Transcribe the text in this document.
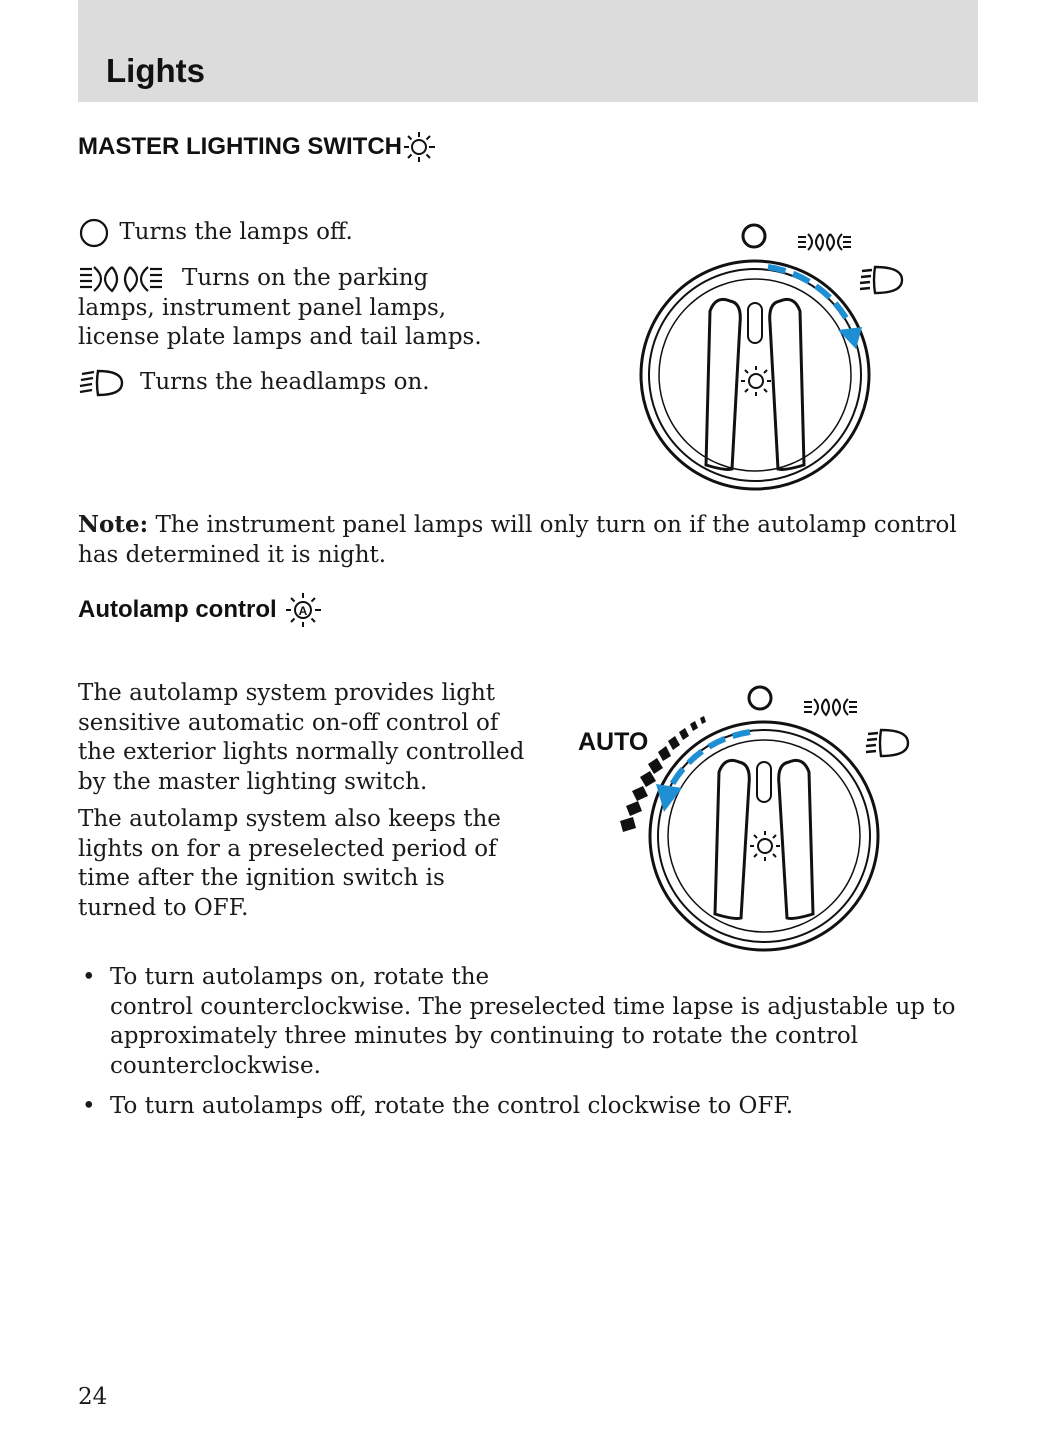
Lights
MASTER LIGHTING SWITCH
Turns the lamps off.
Turns on the parking
lamps, instrument panel lamps, license plate lamps and tail lamps.
Turns the headlamps on.
Note: The instrument panel lamps will only turn on if the autolamp control has determined it is night.
Autolamp control A

The autolamp system provides light sensitive automatic on-off control of the exterior lights normally controlled by the master lighting switch.

The autolamp system also keeps the lights on for a preselected period of time after the ignition switch is turned to OFF.

AUTO
• To turn autolamps on, rotate the
control counterclockwise. The preselected time lapse is adjustable up to approximately three minutes by continuing to rotate the control counterclockwise.
• To turn autolamps off, rotate the control clockwise to OFF.
24
